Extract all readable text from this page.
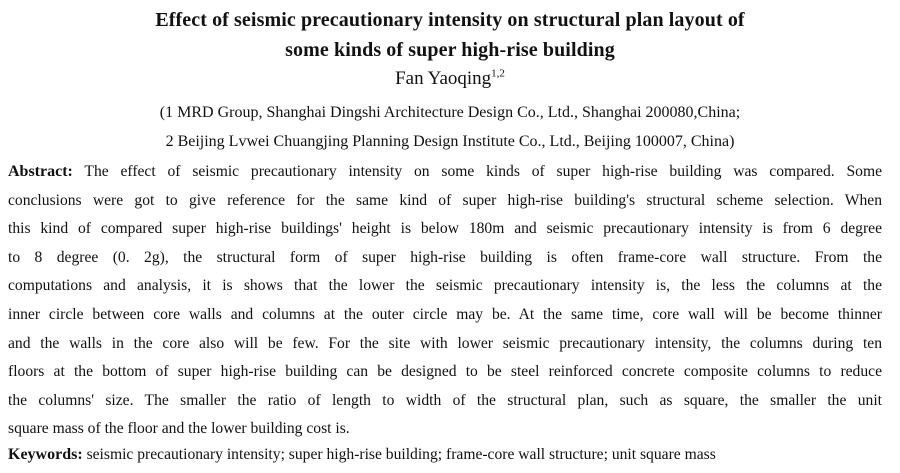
Effect of seismic precautionary intensity on structural plan layout of
some kinds of super high-rise building
Fan Yaoqing$^{1,2}$
(1 MRD Group, Shanghai Dingshi Architecture Design Co., Ltd., Shanghai 200080,China;
2 Beijing Lvwei Chuangjing Planning Design Institute Co., Ltd., Beijing 100007, China)
Abstract: The effect of seismic precautionary intensity on some kinds of super high-rise building was compared. Some
conclusions were got to give reference for the same kind of super high-rise building's structural scheme selection. When
this kind of compared super high-rise buildings' height is below 180m and seismic precautionary intensity is from 6 degree
to 8 degree (0. 2g), the structural form of super high-rise building is often frame-core wall structure. From the
computations and analysis, it is shows that the lower the seismic precautionary intensity is, the less the columns at the
inner circle between core walls and columns at the outer circle may be. At the same time, core wall will be become thinner
and the walls in the core also will be few. For the site with lower seismic precautionary intensity, the columns during ten
floors at the bottom of super high-rise building can be designed to be steel reinforced concrete composite columns to reduce
the columns' size. The smaller the ratio of length to width of the structural plan, such as square, the smaller the unit
square mass of the floor and the lower building cost is.
Keywords: seismic precautionary intensity; super high-rise building; frame-core wall structure; unit square mass
